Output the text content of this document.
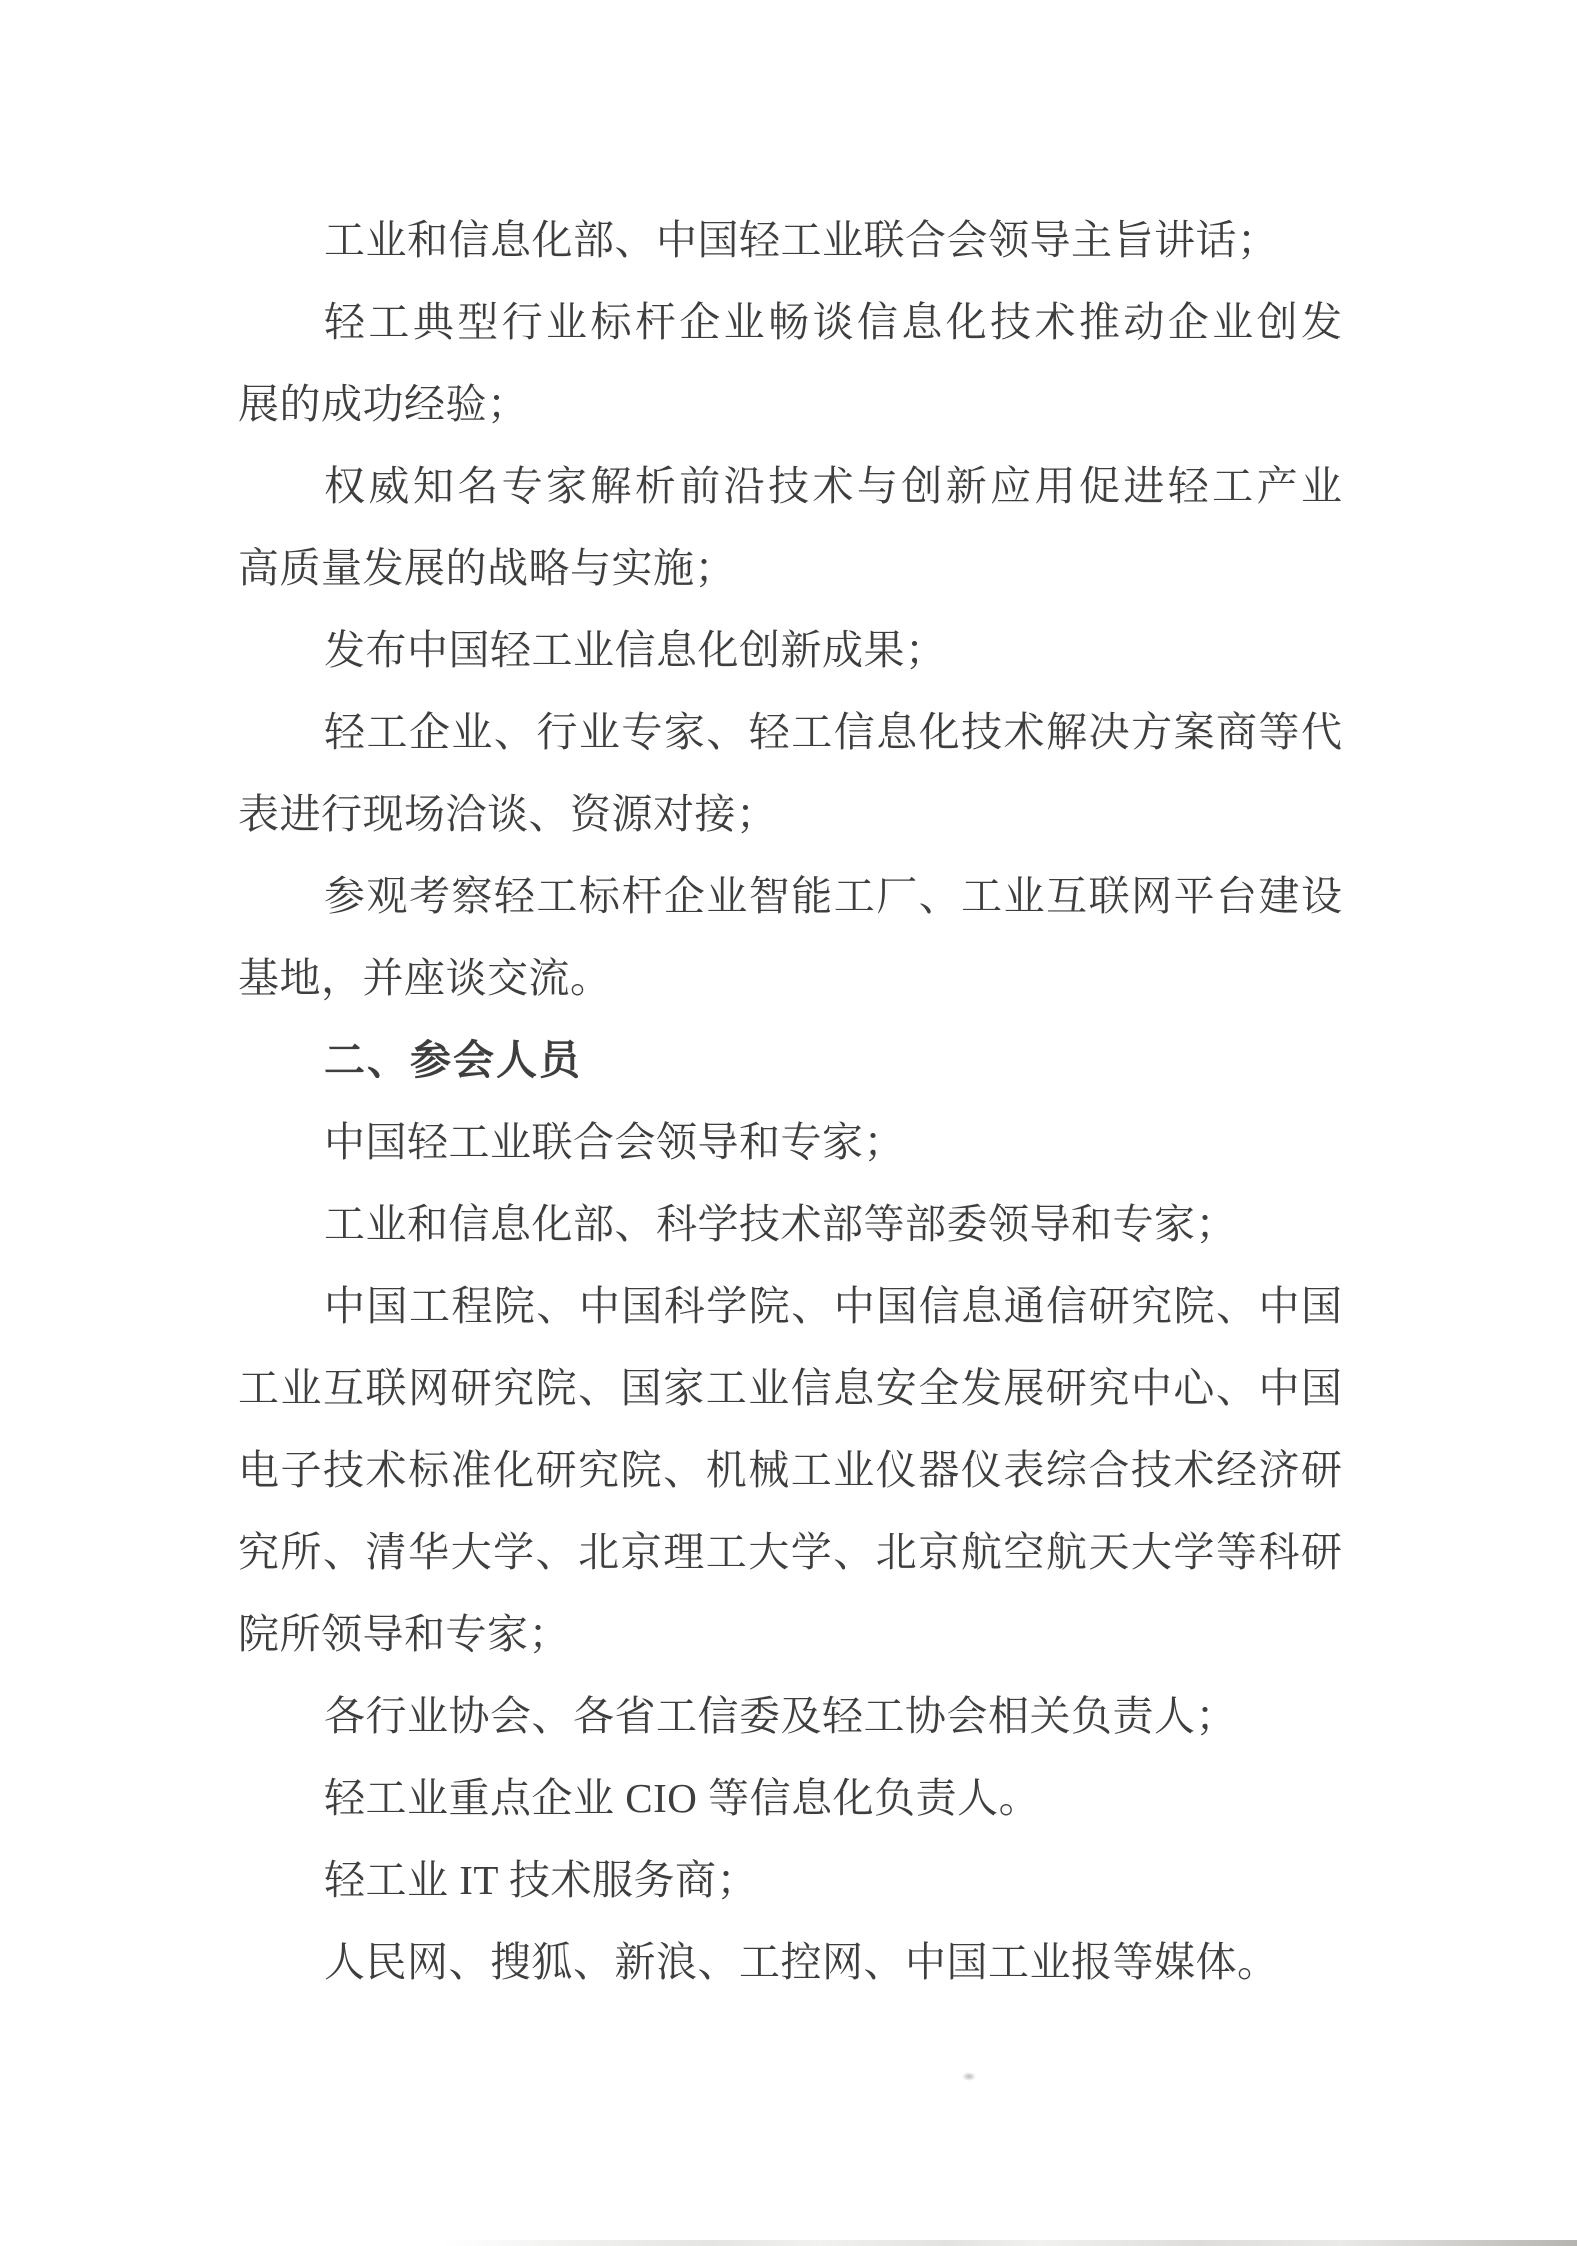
工业和信息化部、中国轻工业联合会领导主旨讲话；
轻工典型行业标杆企业畅谈信息化技术推动企业创发
展的成功经验；
权威知名专家解析前沿技术与创新应用促进轻工产业
高质量发展的战略与实施；
发布中国轻工业信息化创新成果；
轻工企业、行业专家、轻工信息化技术解决方案商等代
表进行现场洽谈、资源对接；
参观考察轻工标杆企业智能工厂、工业互联网平台建设
基地，并座谈交流。
二、参会人员
中国轻工业联合会领导和专家；
工业和信息化部、科学技术部等部委领导和专家；
中国工程院、中国科学院、中国信息通信研究院、中国
工业互联网研究院、国家工业信息安全发展研究中心、中国
电子技术标准化研究院、机械工业仪器仪表综合技术经济研
究所、清华大学、北京理工大学、北京航空航天大学等科研
院所领导和专家；
各行业协会、各省工信委及轻工协会相关负责人；
轻工业重点企业 CIO 等信息化负责人。
轻工业 IT 技术服务商；
人民网、搜狐、新浪、工控网、中国工业报等媒体。
